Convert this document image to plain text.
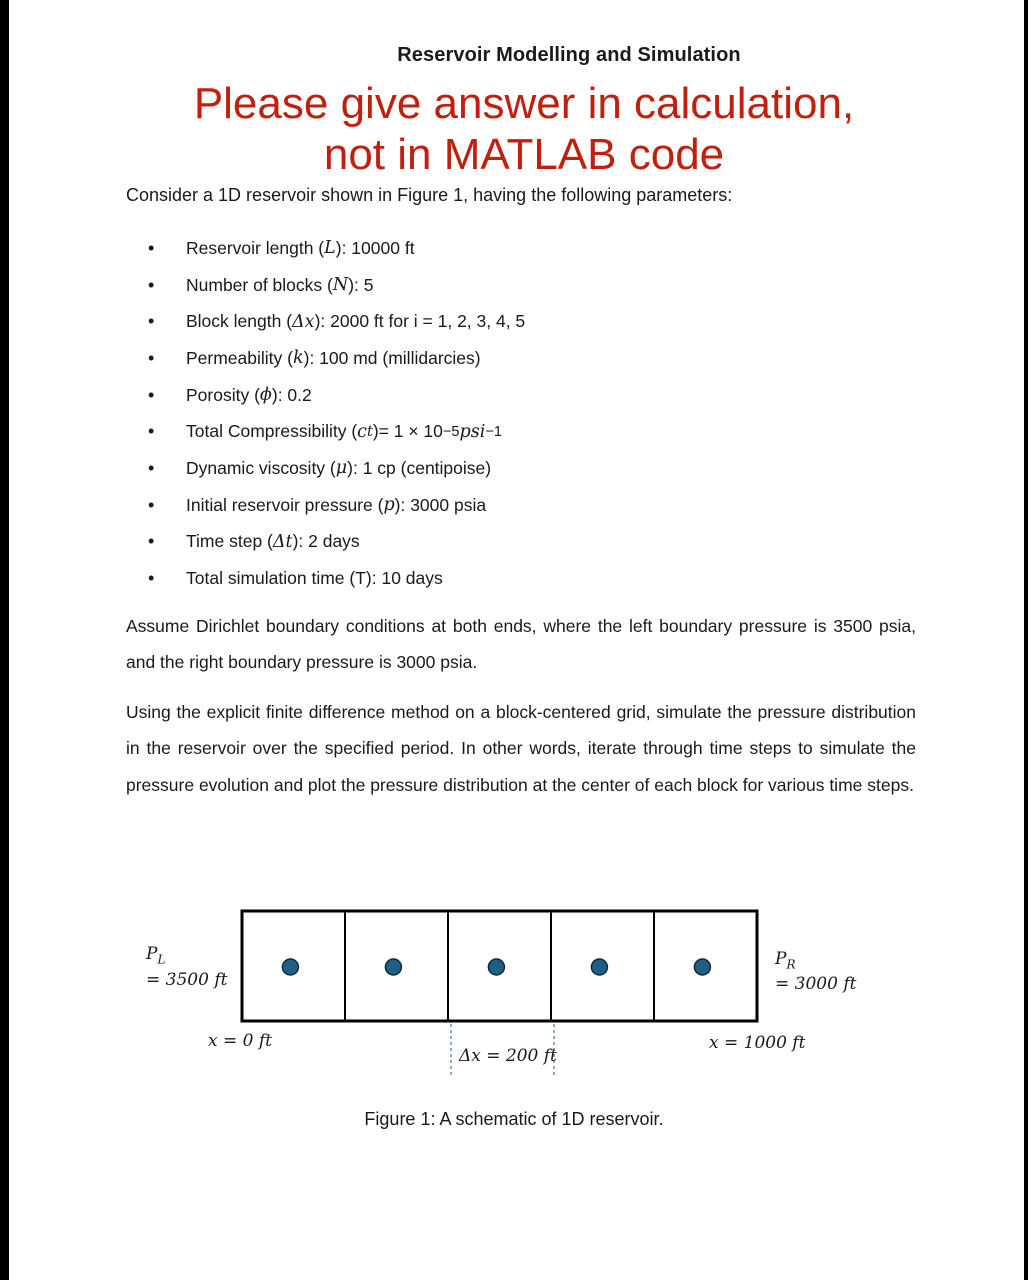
Reservoir Modelling and Simulation
Please give answer in calculation,
not in MATLAB code
Consider a 1D reservoir shown in Figure 1, having the following parameters:
•	Reservoir length ( L ) : 10000 ft
•	Number of blocks ( N ) : 5
•	Block length ( Δx ) : 2000 ft for i = 1, 2, 3, 4, 5
•	Permeability ( k ) : 100 md (millidarcies)
•	Porosity ( ϕ ) : 0.2
•	Total Compressibility ( c t ) = 1 × 10 −5 psi −1
•	Dynamic viscosity ( μ ) : 1 cp (centipoise)
•	Initial reservoir pressure ( p ) : 3000 psia
•	Time step ( Δt ) : 2 days
•	Total simulation time (T) : 10 days
Assume Dirichlet boundary conditions at both ends, where the left boundary pressure is 3500 psia, and the right boundary pressure is 3000 psia.
Using the explicit finite difference method on a block-centered grid, simulate the pressure distribution in the reservoir over the specified period. In other words, iterate through time steps to simulate the pressure evolution and plot the pressure distribution at the center of each block for various time steps.
$P_L$
= 3500 ft
$P_R$
= 3000 ft
x = 0 ft	x = 1000 ft
Δx = 200 ft
Figure 1: A schematic of 1D reservoir.
